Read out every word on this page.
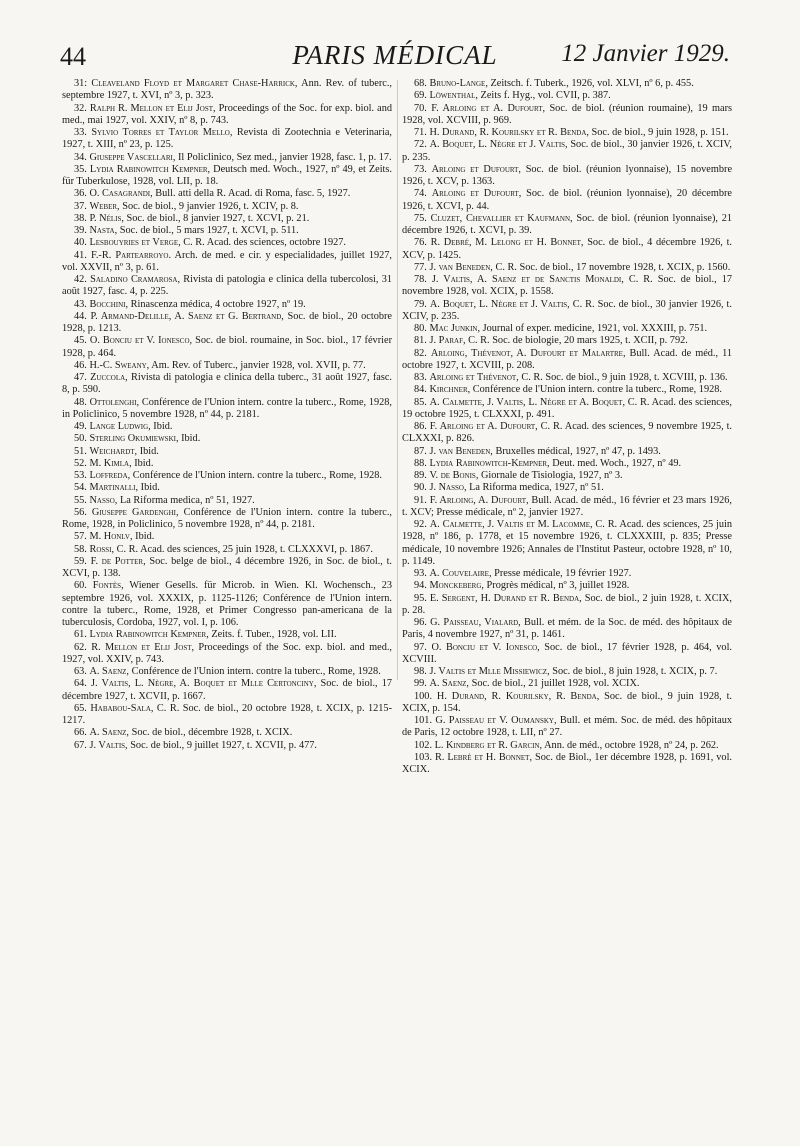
44	PARIS MÉDICAL	12 Janvier 1929.

31: Cleaveland Floyd et Margaret Chase-Harrick, Ann. Rev. of tuberc., septembre 1927, t. XVI, nº 3, p. 323.

32. Ralph R. Mellon et Elij Jost, Proceedings of the Soc. for exp. biol. and med., mai 1927, vol. XXIV, nº 8, p. 743.

33. Sylvio Torres et Taylor Mello, Revista di Zootechnia e Veterinaria, 1927, t. XIII, nº 23, p. 125.

34. Giuseppe Vascellari, Il Policlinico, Sez med., janvier 1928, fasc. 1, p. 17.

35. Lydia Rabinowitch Kempner, Deutsch med. Woch., 1927, nº 49, et Zeits. für Tuberkulose, 1928, vol. LII, p. 18.

36. O. Casagrandi, Bull. atti della R. Acad. di Roma, fasc. 5, 1927.

37. Weber, Soc. de biol., 9 janvier 1926, t. XCIV, p. 8.

38. P. Nélis, Soc. de biol., 8 janvier 1927, t. XCVI, p. 21.

39. Nasta, Soc. de biol., 5 mars 1927, t. XCVI, p. 511.

40. Lesbouyries et Verge, C. R. Acad. des sciences, octobre 1927.

41. F.-R. Partearroyo. Arch. de med. e cir. y especialidades, juillet 1927, vol. XXVII, nº 3, p. 61.

42. Saladino Cramarosa, Rivista di patologia e clinica della tubercolosi, 31 août 1927, fasc. 4, p. 225.

43. Bocchini, Rinascenza médica, 4 octobre 1927, nº 19.

44. P. Armand-Delille, A. Saenz et G. Bertrand, Soc. de biol., 20 octobre 1928, p. 1213.

45. O. Bonciu et V. Ionesco, Soc. de biol. roumaine, in Soc. biol., 17 février 1928, p. 464.

46. H.-C. Sweany, Am. Rev. of Tuberc., janvier 1928, vol. XVII, p. 77.

47. Zuccola, Rivista di patologia e clinica della tuberc., 31 août 1927, fasc. 8, p. 590.

48. Ottolenghi, Conférence de l'Union intern. contre la tuberc., Rome, 1928, in Policlinico, 5 novembre 1928, nº 44, p. 2181.

49. Lange Ludwig, Ibid.

50. Sterling Okumiewski, Ibid.

51. Weichardt, Ibid.

52. M. Kimla, Ibid.

53. Loffreda, Conférence de l'Union intern. contre la tuberc., Rome, 1928.

54. Martinalli, Ibid.

55. Nasso, La Riforma medica, nº 51, 1927.

56. Giuseppe Gardenghi, Conférence de l'Union intern. contre la tuberc., Rome, 1928, in Policlinico, 5 novembre 1928, nº 44, p. 2181.

57. M. Honlv, Ibid.

58. Rossi, C. R. Acad. des sciences, 25 juin 1928, t. CLXXXVI, p. 1867.

59. F. de Potter, Soc. belge de biol., 4 décembre 1926, in Soc. de biol., t. XCVI, p. 138.

60. Fontès, Wiener Gesells. für Microb. in Wien. Kl. Wochensch., 23 septembre 1926, vol. XXXIX, p. 1125-1126; Conférence de l'Union intern. contre la tuberc., Rome, 1928, et Primer Congresso pan-americana de la tuberculosis, Cordoba, 1927, vol. I, p. 106.

61. Lydia Rabinowitch Kempner, Zeits. f. Tuber., 1928, vol. LII.

62. R. Mellon et Elij Jost, Proceedings of the Soc. exp. biol. and med., 1927, vol. XXIV, p. 743.

63. A. Saenz, Conférence de l'Union intern. contre la tuberc., Rome, 1928.

64. J. Valtis, L. Nègre, A. Boquet et Mlle Certonciny, Soc. de biol., 17 décembre 1927, t. XCVII, p. 1667.

65. Hababou-Sala, C. R. Soc. de biol., 20 octobre 1928, t. XCIX, p. 1215-1217.

66. A. Saenz, Soc. de biol., décembre 1928, t. XCIX.

67. J. Valtis, Soc. de biol., 9 juillet 1927, t. XCVII, p. 477.

68. Bruno-Lange, Zeitsch. f. Tuberk., 1926, vol. XLVI, nº 6, p. 455.

69. Löwenthal, Zeits f. Hyg., vol. CVII, p. 387.

70. F. Arloing et A. Dufourt, Soc. de biol. (réunion roumaine), 19 mars 1928, vol. XCVIII, p. 969.

71. H. Durand, R. Kourilsky et R. Benda, Soc. de biol., 9 juin 1928, p. 151.

72. A. Boquet, L. Nègre et J. Valtis, Soc. de biol., 30 janvier 1926, t. XCIV, p. 235.

73. Arloing et Dufourt, Soc. de biol. (réunion lyonnaise), 15 novembre 1926, t. XCV, p. 1363.

74. Arloing et Dufourt, Soc. de biol. (réunion lyonnaise), 20 décembre 1926, t. XCVI, p. 44.

75. Cluzet, Chevallier et Kaufmann, Soc. de biol. (réunion lyonnaise), 21 décembre 1926, t. XCVI, p. 39.

76. R. Debré, M. Lelong et H. Bonnet, Soc. de biol., 4 décembre 1926, t. XCV, p. 1425.

77. J. van Beneden, C. R. Soc. de biol., 17 novembre 1928, t. XCIX, p. 1560.

78. J. Valtis, A. Saenz et de Sanctis Monaldi, C. R. Soc. de biol., 17 novembre 1928, vol. XCIX, p. 1558.

79. A. Boquet, L. Nègre et J. Valtis, C. R. Soc. de biol., 30 janvier 1926, t. XCIV, p. 235.

80. Mac Junkin, Journal of exper. medicine, 1921, vol. XXXIII, p. 751.

81. J. Paraf, C. R. Soc. de biologie, 20 mars 1925, t. XCII, p. 792.

82. Arloing, Thévenot, A. Dufourt et Malartre, Bull. Acad. de méd., 11 octobre 1927, t. XCVIII, p. 208.

83. Arloing et Thévenot, C. R. Soc. de biol., 9 juin 1928, t. XCVIII, p. 136.

84. Kirchner, Conférence de l'Union intern. contre la tuberc., Rome, 1928.

85. A. Calmette, J. Valtis, L. Nègre et A. Boquet, C. R. Acad. des sciences, 19 octobre 1925, t. CLXXXI, p. 491.

86. F. Arloing et A. Dufourt, C. R. Acad. des sciences, 9 novembre 1925, t. CLXXXI, p. 826.

87. J. van Beneden, Bruxelles médical, 1927, nº 47, p. 1493.

88. Lydia Rabinowitch-Kempner, Deut. med. Woch., 1927, nº 49.

89. V. de Bonis, Giornale de Tisiologia, 1927, nº 3.

90. J. Nasso, La Riforma medica, 1927, nº 51.

91. F. Arloing, A. Dufourt, Bull. Acad. de méd., 16 février et 23 mars 1926, t. XCV; Presse médicale, nº 2, janvier 1927.

92. A. Calmette, J. Valtis et M. Lacomme, C. R. Acad. des sciences, 25 juin 1928, nº 186, p. 1778, et 15 novembre 1926, t. CLXXXIII, p. 835; Presse médicale, 10 novembre 1926; Annales de l'Institut Pasteur, octobre 1928, nº 10, p. 1149.

93. A. Couvelaire, Presse médicale, 19 février 1927.

94. Monckeberg, Progrès médical, nº 3, juillet 1928.

95. E. Sergent, H. Durand et R. Benda, Soc. de biol., 2 juin 1928, t. XCIX, p. 28.

96. G. Paisseau, Vialard, Bull. et mém. de la Soc. de méd. des hôpitaux de Paris, 4 novembre 1927, nº 31, p. 1461.

97. O. Bonciu et V. Ionesco, Soc. de biol., 17 février 1928, p. 464, vol. XCVIII.

98. J. Valtis et Mlle Missiewicz, Soc. de biol., 8 juin 1928, t. XCIX, p. 7.

99. A. Saenz, Soc. de biol., 21 juillet 1928, vol. XCIX.

100. H. Durand, R. Kourilsky, R. Benda, Soc. de biol., 9 juin 1928, t. XCIX, p. 154.

101. G. Paisseau et V. Oumansky, Bull. et mém. Soc. de méd. des hôpitaux de Paris, 12 octobre 1928, t. LII, nº 27.

102. L. Kindberg et R. Garcin, Ann. de méd., octobre 1928, nº 24, p. 262.

103. R. Lebré et H. Bonnet, Soc. de Biol., 1er décembre 1928, p. 1691, vol. XCIX.
